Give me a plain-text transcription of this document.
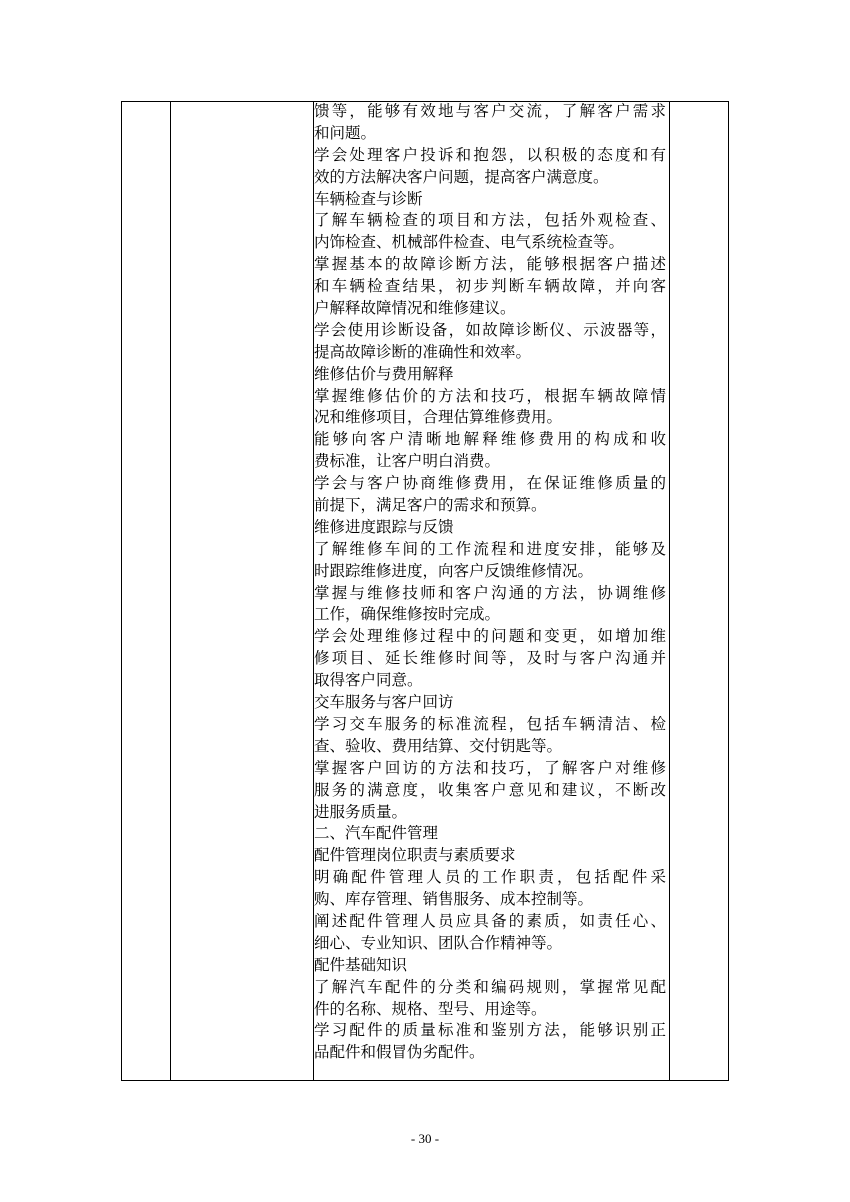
馈等，能够有效地与客户交流，了解客户需求
和问题。
学会处理客户投诉和抱怨，以积极的态度和有
效的方法解决客户问题，提高客户满意度。
车辆检查与诊断
了解车辆检查的项目和方法，包括外观检查、
内饰检查、机械部件检查、电气系统检查等。
掌握基本的故障诊断方法，能够根据客户描述
和车辆检查结果，初步判断车辆故障，并向客
户解释故障情况和维修建议。
学会使用诊断设备，如故障诊断仪、示波器等，
提高故障诊断的准确性和效率。
维修估价与费用解释
掌握维修估价的方法和技巧，根据车辆故障情
况和维修项目，合理估算维修费用。
能够向客户清晰地解释维修费用的构成和收
费标准，让客户明白消费。
学会与客户协商维修费用，在保证维修质量的
前提下，满足客户的需求和预算。
维修进度跟踪与反馈
了解维修车间的工作流程和进度安排，能够及
时跟踪维修进度，向客户反馈维修情况。
掌握与维修技师和客户沟通的方法，协调维修
工作，确保维修按时完成。
学会处理维修过程中的问题和变更，如增加维
修项目、延长维修时间等，及时与客户沟通并
取得客户同意。
交车服务与客户回访
学习交车服务的标准流程，包括车辆清洁、检
查、验收、费用结算、交付钥匙等。
掌握客户回访的方法和技巧，了解客户对维修
服务的满意度，收集客户意见和建议，不断改
进服务质量。
二、汽车配件管理
配件管理岗位职责与素质要求
明确配件管理人员的工作职责，包括配件采
购、库存管理、销售服务、成本控制等。
阐述配件管理人员应具备的素质，如责任心、
细心、专业知识、团队合作精神等。
配件基础知识
了解汽车配件的分类和编码规则，掌握常见配
件的名称、规格、型号、用途等。
学习配件的质量标准和鉴别方法，能够识别正
品配件和假冒伪劣配件。
- 30 -
